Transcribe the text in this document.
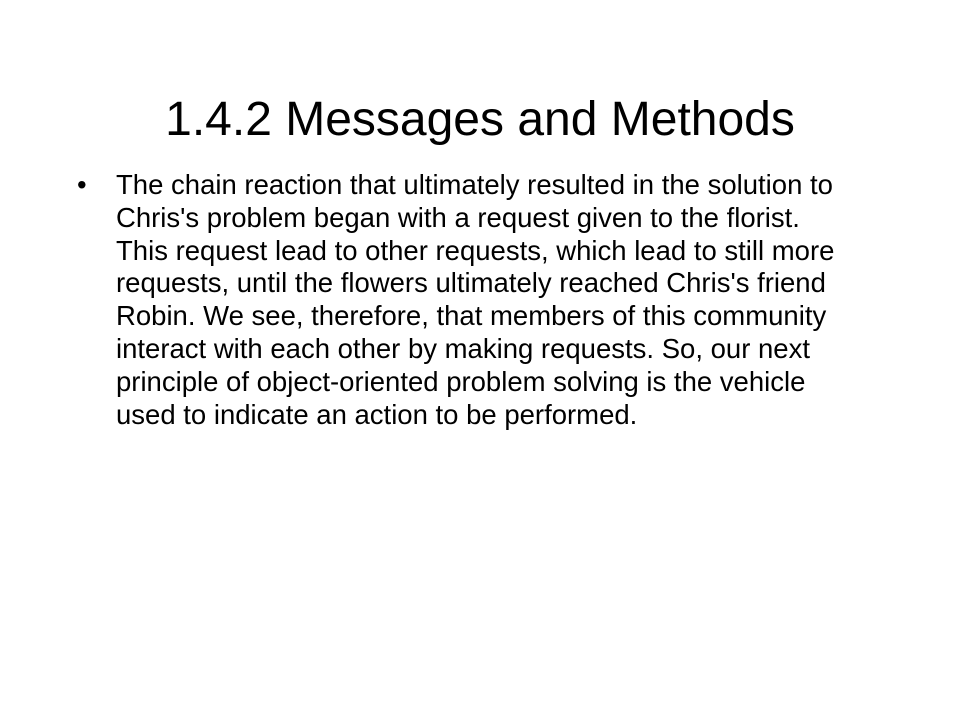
1.4.2 Messages and Methods
• The chain reaction that ultimately resulted in the solution to Chris's problem began with a request given to the florist. This request lead to other requests, which lead to still more requests, until the flowers ultimately reached Chris's friend Robin. We see, therefore, that members of this community interact with each other by making requests. So, our next principle of object-oriented problem solving is the vehicle used to indicate an action to be performed.
